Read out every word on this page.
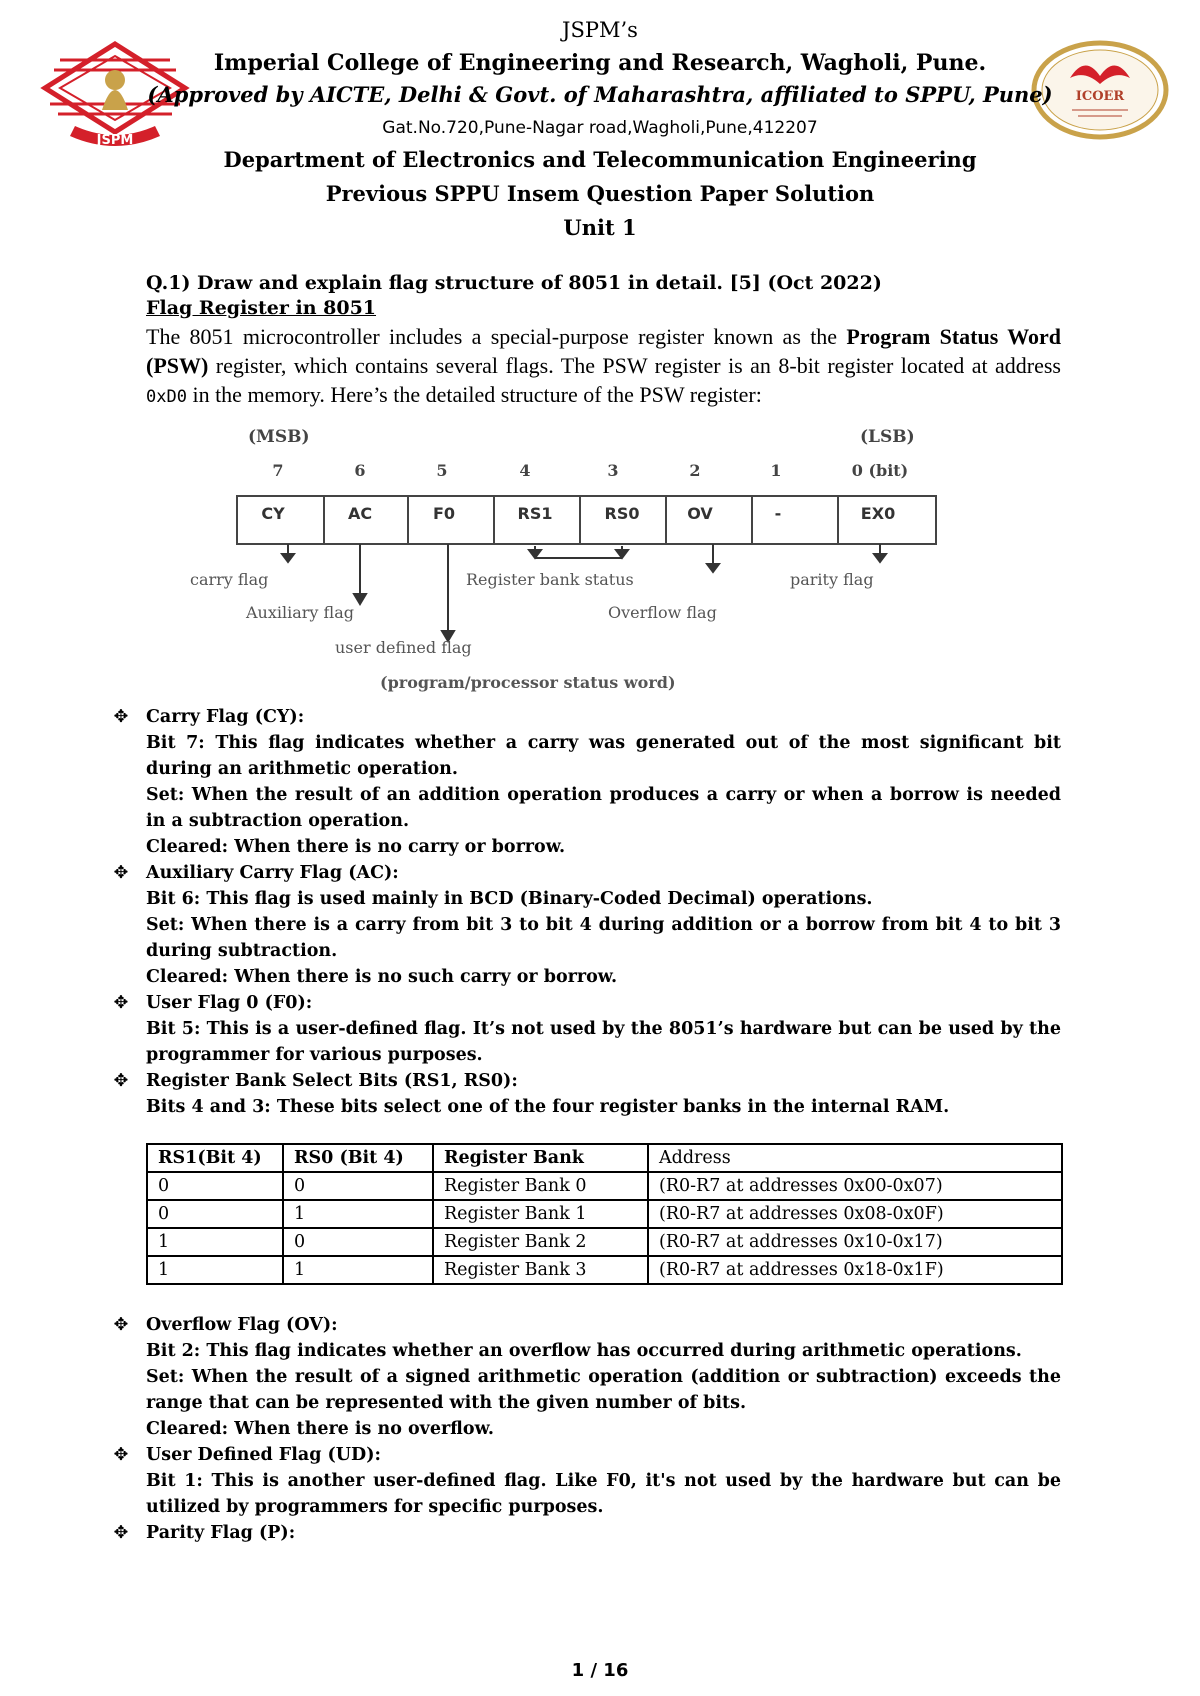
JSPM
ICOER
JSPM’s
Imperial College of Engineering and Research, Wagholi, Pune.
(Approved by AICTE, Delhi & Govt. of Maharashtra, affiliated to SPPU, Pune)
Gat.No.720,Pune-Nagar road,Wagholi,Pune,412207
Department of Electronics and Telecommunication Engineering
Previous SPPU Insem Question Paper Solution
Unit 1
Q.1) Draw and explain flag structure of 8051 in detail. [5] (Oct 2022)
Flag Register in 8051
The 8051 microcontroller includes a special-purpose register known as the Program Status Word (PSW) register, which contains several flags. The PSW register is an 8-bit register located at address 0xD0 in the memory. Here’s the detailed structure of the PSW register:
(MSB)	(LSB)
7	6	5	4	3	2	1	0 (bit)
CY	AC	F0	RS1	RS0	OV	-	EX0
carry flag
Auxiliary flag
user defined flag
Register bank status
Overflow flag
parity flag
(program/processor status word)
✥ Carry Flag (CY):
Bit 7: This flag indicates whether a carry was generated out of the most significant bit during an arithmetic operation.
Set: When the result of an addition operation produces a carry or when a borrow is needed in a subtraction operation.
Cleared: When there is no carry or borrow.
✥ Auxiliary Carry Flag (AC):
Bit 6: This flag is used mainly in BCD (Binary-Coded Decimal) operations.
Set: When there is a carry from bit 3 to bit 4 during addition or a borrow from bit 4 to bit 3 during subtraction.
Cleared: When there is no such carry or borrow.
✥ User Flag 0 (F0):
Bit 5: This is a user-defined flag. It’s not used by the 8051’s hardware but can be used by the programmer for various purposes.
✥ Register Bank Select Bits (RS1, RS0):
Bits 4 and 3: These bits select one of the four register banks in the internal RAM.
RS1(Bit 4)	RS0 (Bit 4)	Register Bank	Address
0	0	Register Bank 0	(R0-R7 at addresses 0x00-0x07)
0	1	Register Bank 1	(R0-R7 at addresses 0x08-0x0F)
1	0	Register Bank 2	(R0-R7 at addresses 0x10-0x17)
1	1	Register Bank 3	(R0-R7 at addresses 0x18-0x1F)
✥ Overflow Flag (OV):
Bit 2: This flag indicates whether an overflow has occurred during arithmetic operations.
Set: When the result of a signed arithmetic operation (addition or subtraction) exceeds the range that can be represented with the given number of bits.
Cleared: When there is no overflow.
✥ User Defined Flag (UD):
Bit 1: This is another user-defined flag. Like F0, it's not used by the hardware but can be utilized by programmers for specific purposes.
✥ Parity Flag (P):
1 / 16
